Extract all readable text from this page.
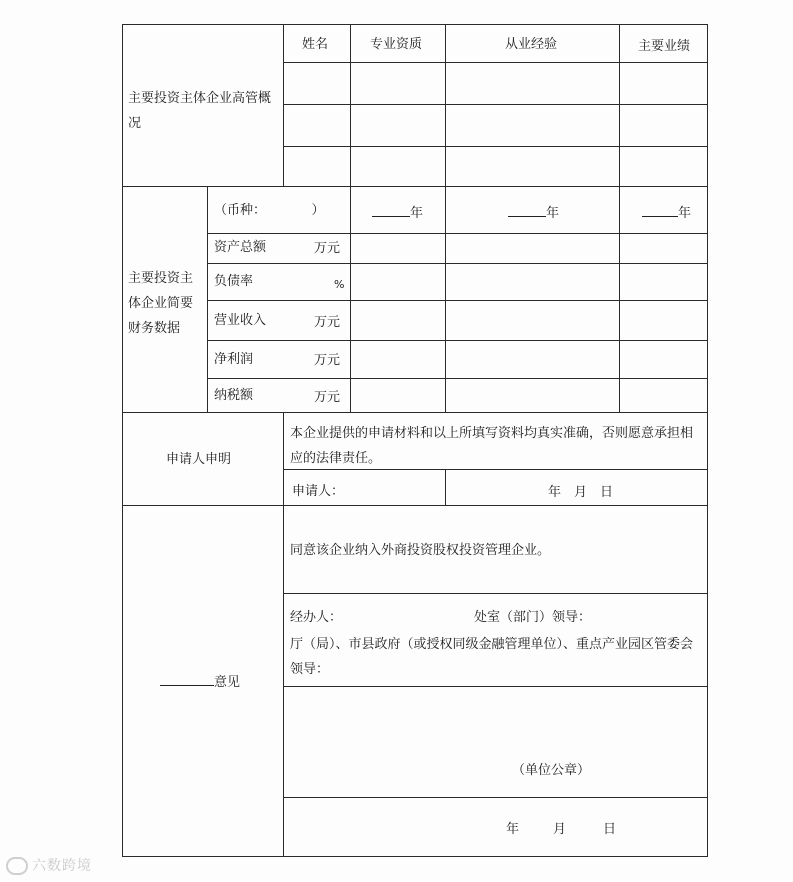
主要投资主体企业高管概况
姓名	专业资质	从业经验	主要业绩
主要投资主体企业简要财务数据
（币种：　　　　）	年	年	年
资产总额	万元
负债率	%
营业收入	万元
净利润	万元
纳税额	万元
申请人申明
本企业提供的申请材料和以上所填写资料均真实准确，否则愿意承担相应的法律责任。
申请人：	年　月　日
意见
同意该企业纳入外商投资股权投资管理企业。
经办人：	处室（部门）领导：
厅（局）、市县政府（或授权同级金融管理单位）、重点产业园区管委会领导：
（单位公章）
年	月	日
六数跨境
